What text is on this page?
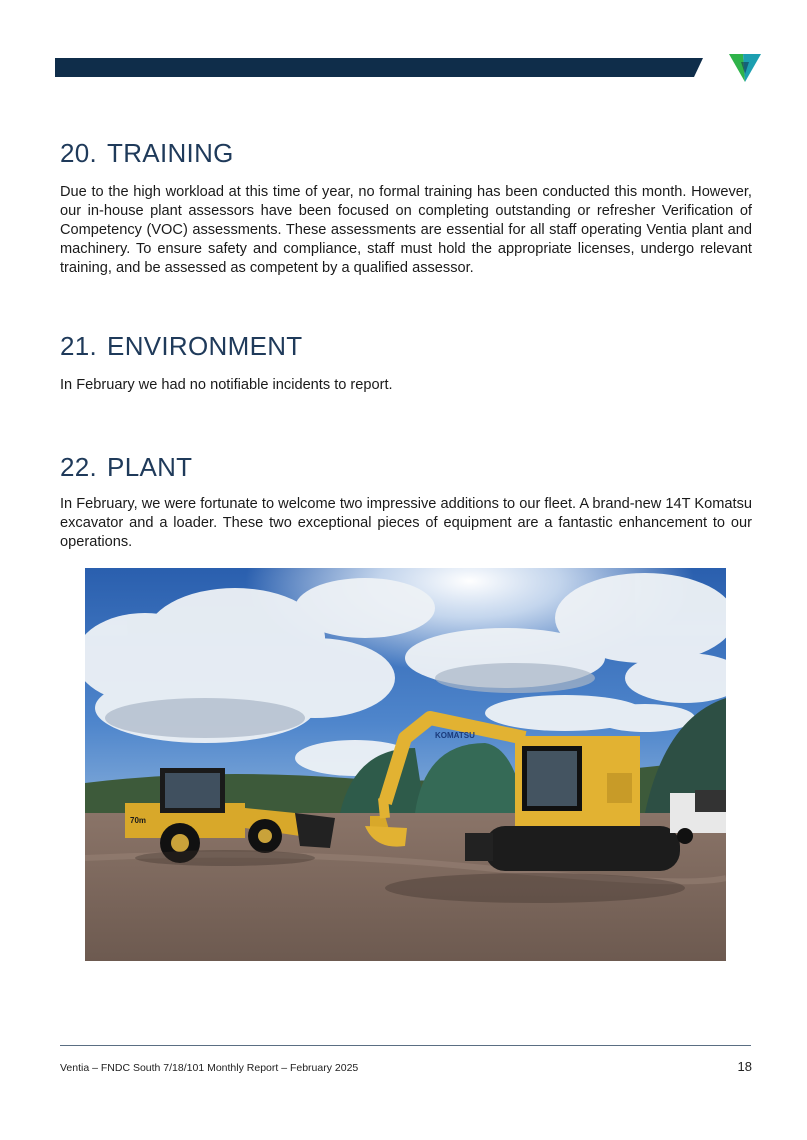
20. TRAINING

Due to the high workload at this time of year, no formal training has been conducted this month. However, our in-house plant assessors have been focused on completing outstanding or refresher Verification of Competency (VOC) assessments. These assessments are essential for all staff operating Ventia plant and machinery. To ensure safety and compliance, staff must hold the appropriate licenses, undergo relevant training, and be assessed as competent by a qualified assessor.

21. ENVIRONMENT

In February we had no notifiable incidents to report.

22. PLANT

In February, we were fortunate to welcome two impressive additions to our fleet. A brand-new 14T Komatsu excavator and a loader. These two exceptional pieces of equipment are a fantastic enhancement to our operations.

70m
KOMATSU
Ventia – FNDC South 7/18/101 Monthly Report – February 2025	18
